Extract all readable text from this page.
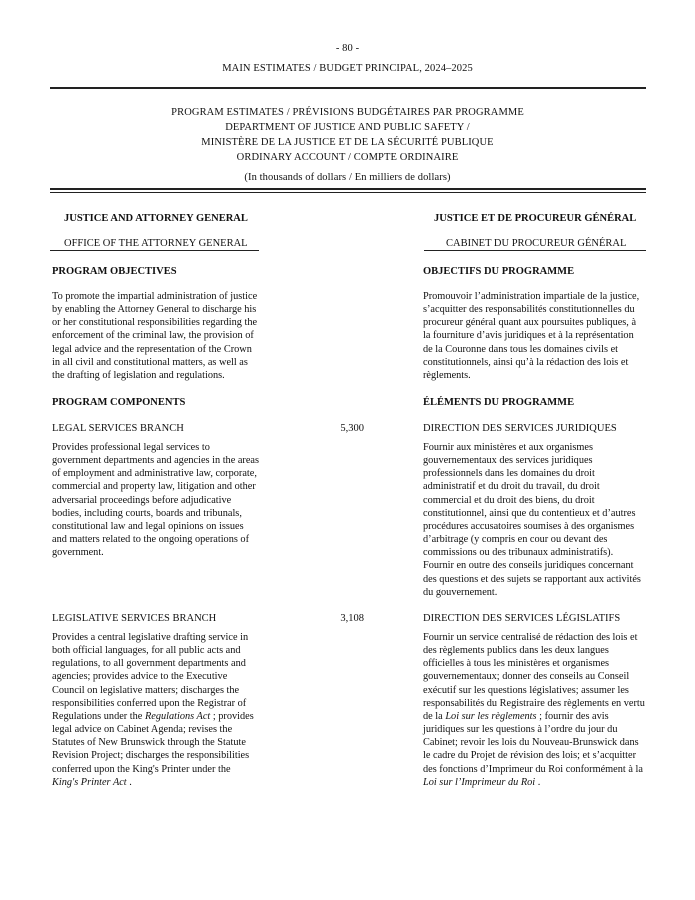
- 80 -
MAIN ESTIMATES / BUDGET PRINCIPAL, 2024–2025
PROGRAM ESTIMATES / PRÉVISIONS BUDGÉTAIRES PAR PROGRAMME
DEPARTMENT OF JUSTICE AND PUBLIC SAFETY /
MINISTÈRE DE LA JUSTICE ET DE LA SÉCURITÉ PUBLIQUE
ORDINARY ACCOUNT / COMPTE ORDINAIRE
(In thousands of dollars / En milliers de dollars)
JUSTICE AND ATTORNEY GENERAL	JUSTICE ET DE PROCUREUR GÉNÉRAL
OFFICE OF THE ATTORNEY GENERAL	CABINET DU PROCUREUR GÉNÉRAL
PROGRAM OBJECTIVES	OBJECTIFS DU PROGRAMME
To promote the impartial administration of justice
by enabling the Attorney General to discharge his
or her constitutional responsibilities regarding the
enforcement of the criminal law, the provision of
legal advice and the representation of the Crown
in all civil and constitutional matters, as well as
the drafting of legislation and regulations.
Promouvoir l’administration impartiale de la justice,
s’acquitter des responsabilités constitutionnelles du
procureur général quant aux poursuites publiques, à
la fourniture d’avis juridiques et à la représentation
de la Couronne dans tous les domaines civils et
constitutionnels, ainsi qu’à la rédaction des lois et
règlements.
PROGRAM COMPONENTS	ÉLÉMENTS DU PROGRAMME
LEGAL SERVICES BRANCH	5,300	DIRECTION DES SERVICES JURIDIQUES
Provides professional legal services to
government departments and agencies in the areas
of employment and administrative law, corporate,
commercial and property law, litigation and other
adversarial proceedings before adjudicative
bodies, including courts, boards and tribunals,
constitutional law and legal opinions on issues
and matters related to the ongoing operations of
government.
Fournir aux ministères et aux organismes
gouvernementaux des services juridiques
professionnels dans les domaines du droit
administratif et du droit du travail, du droit
commercial et du droit des biens, du droit
constitutionnel, ainsi que du contentieux et d’autres
procédures accusatoires soumises à des organismes
d’arbitrage (y compris en cour ou devant des
commissions ou des tribunaux administratifs).
Fournir en outre des conseils juridiques concernant
des questions et des sujets se rapportant aux activités
du gouvernement.
LEGISLATIVE SERVICES BRANCH	3,108	DIRECTION DES SERVICES LÉGISLATIFS
Provides a central legislative drafting service in
both official languages, for all public acts and
regulations, to all government departments and
agencies; provides advice to the Executive
Council on legislative matters; discharges the
responsibilities conferred upon the Registrar of
Regulations under the Regulations Act ; provides
legal advice on Cabinet Agenda; revises the
Statutes of New Brunswick through the Statute
Revision Project; discharges the responsibilities
conferred upon the King's Printer under the
King's Printer Act .
Fournir un service centralisé de rédaction des lois et
des règlements publics dans les deux langues
officielles à tous les ministères et organismes
gouvernementaux; donner des conseils au Conseil
exécutif sur les questions législatives; assumer les
responsabilités du Registraire des règlements en vertu
de la Loi sur les règlements ; fournir des avis
juridiques sur les questions à l’ordre du jour du
Cabinet; revoir les lois du Nouveau-Brunswick dans
le cadre du Projet de révision des lois; et s’acquitter
des fonctions d’Imprimeur du Roi conformément à la
Loi sur l’Imprimeur du Roi .
